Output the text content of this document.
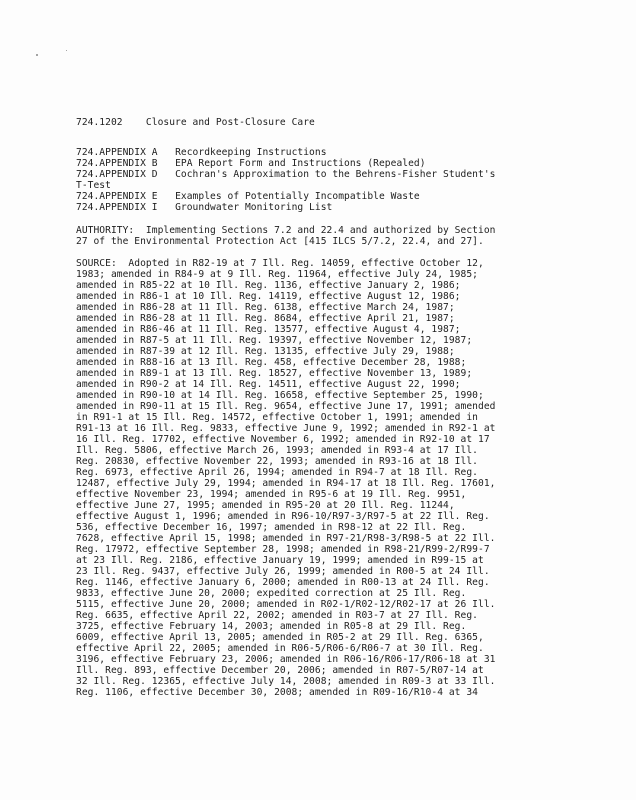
724.1202 Closure and Post-Closure Care
724.APPENDIX A Recordkeeping Instructions
724.APPENDIX B EPA Report Form and Instructions (Repealed)
724.APPENDIX D Cochran's Approximation to the Behrens-Fisher Student's
T-Test
724.APPENDIX E Examples of Potentially Incompatible Waste
724.APPENDIX I Groundwater Monitoring List
AUTHORITY:  Implementing Sections 7.2 and 22.4 and authorized by Section
27 of the Environmental Protection Act [415 ILCS 5/7.2, 22.4, and 27].
SOURCE:  Adopted in R82-19 at 7 Ill. Reg. 14059, effective October 12,
1983; amended in R84-9 at 9 Ill. Reg. 11964, effective July 24, 1985;
amended in R85-22 at 10 Ill. Reg. 1136, effective January 2, 1986;
amended in R86-1 at 10 Ill. Reg. 14119, effective August 12, 1986;
amended in R86-28 at 11 Ill. Reg. 6138, effective March 24, 1987;
amended in R86-28 at 11 Ill. Reg. 8684, effective April 21, 1987;
amended in R86-46 at 11 Ill. Reg. 13577, effective August 4, 1987;
amended in R87-5 at 11 Ill. Reg. 19397, effective November 12, 1987;
amended in R87-39 at 12 Ill. Reg. 13135, effective July 29, 1988;
amended in R88-16 at 13 Ill. Reg. 458, effective December 28, 1988;
amended in R89-1 at 13 Ill. Reg. 18527, effective November 13, 1989;
amended in R90-2 at 14 Ill. Reg. 14511, effective August 22, 1990;
amended in R90-10 at 14 Ill. Reg. 16658, effective September 25, 1990;
amended in R90-11 at 15 Ill. Reg. 9654, effective June 17, 1991; amended
in R91-1 at 15 Ill. Reg. 14572, effective October 1, 1991; amended in
R91-13 at 16 Ill. Reg. 9833, effective June 9, 1992; amended in R92-1 at
16 Ill. Reg. 17702, effective November 6, 1992; amended in R92-10 at 17
Ill. Reg. 5806, effective March 26, 1993; amended in R93-4 at 17 Ill.
Reg. 20830, effective November 22, 1993; amended in R93-16 at 18 Ill.
Reg. 6973, effective April 26, 1994; amended in R94-7 at 18 Ill. Reg.
12487, effective July 29, 1994; amended in R94-17 at 18 Ill. Reg. 17601,
effective November 23, 1994; amended in R95-6 at 19 Ill. Reg. 9951,
effective June 27, 1995; amended in R95-20 at 20 Ill. Reg. 11244,
effective August 1, 1996; amended in R96-10/R97-3/R97-5 at 22 Ill. Reg.
536, effective December 16, 1997; amended in R98-12 at 22 Ill. Reg.
7628, effective April 15, 1998; amended in R97-21/R98-3/R98-5 at 22 Ill.
Reg. 17972, effective September 28, 1998; amended in R98-21/R99-2/R99-7
at 23 Ill. Reg. 2186, effective January 19, 1999; amended in R99-15 at
23 Ill. Reg. 9437, effective July 26, 1999; amended in R00-5 at 24 Ill.
Reg. 1146, effective January 6, 2000; amended in R00-13 at 24 Ill. Reg.
9833, effective June 20, 2000; expedited correction at 25 Ill. Reg.
5115, effective June 20, 2000; amended in R02-1/R02-12/R02-17 at 26 Ill.
Reg. 6635, effective April 22, 2002; amended in R03-7 at 27 Ill. Reg.
3725, effective February 14, 2003; amended in R05-8 at 29 Ill. Reg.
6009, effective April 13, 2005; amended in R05-2 at 29 Ill. Reg. 6365,
effective April 22, 2005; amended in R06-5/R06-6/R06-7 at 30 Ill. Reg.
3196, effective February 23, 2006; amended in R06-16/R06-17/R06-18 at 31
Ill. Reg. 893, effective December 20, 2006; amended in R07-5/R07-14 at
32 Ill. Reg. 12365, effective July 14, 2008; amended in R09-3 at 33 Ill.
Reg. 1106, effective December 30, 2008; amended in R09-16/R10-4 at 34
